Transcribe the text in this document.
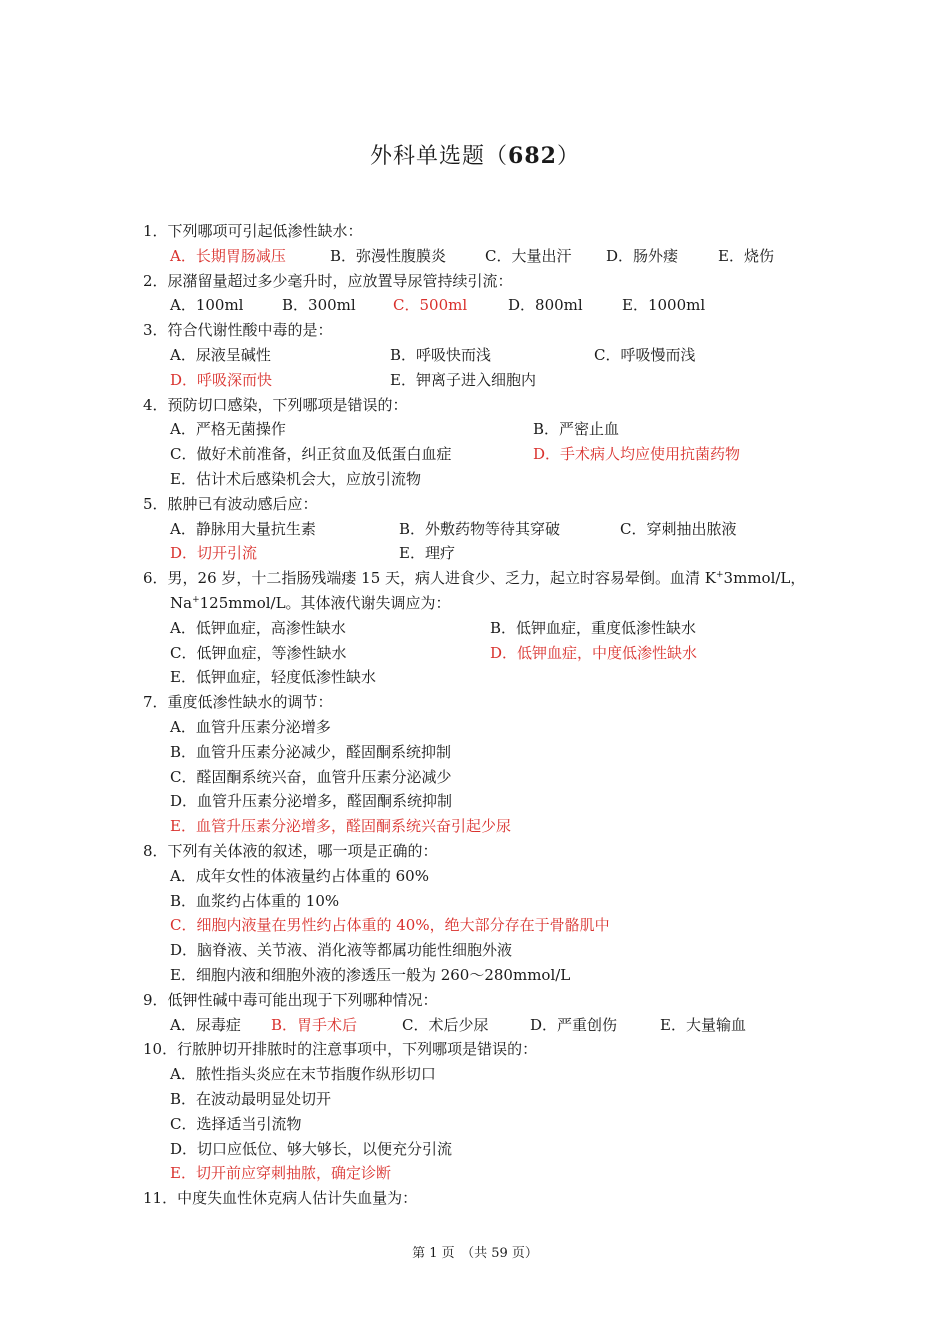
外科单选题（682）
1．下列哪项可引起低渗性缺水：
A．长期胃肠减压	B．弥漫性腹膜炎	C．大量出汗 D．肠外瘘	E．烧伤
2．尿潴留量超过多少毫升时，应放置导尿管持续引流：
A．100ml	B．300ml C．500ml	D．800ml	E．1000ml
3．符合代谢性酸中毒的是：
A．尿液呈碱性	B．呼吸快而浅	C．呼吸慢而浅
D．呼吸深而快	E．钾离子进入细胞内
4．预防切口感染，下列哪项是错误的：
A．严格无菌操作	B．严密止血
C．做好术前准备，纠正贫血及低蛋白血症	D．手术病人均应使用抗菌药物
E．估计术后感染机会大，应放引流物
5．脓肿已有波动感后应：
A．静脉用大量抗生素	B．外敷药物等待其穿破	C．穿刺抽出脓液
D．切开引流	E．理疗
6．男，26 岁，十二指肠残端瘘 15 天，病人进食少、乏力，起立时容易晕倒。血清 K+3mmol/L，
Na+125mmol/L。其体液代谢失调应为：
A．低钾血症，高渗性缺水	B．低钾血症，重度低渗性缺水
C．低钾血症，等渗性缺水	D．低钾血症，中度低渗性缺水
E．低钾血症，轻度低渗性缺水
7．重度低渗性缺水的调节：
A．血管升压素分泌增多
B．血管升压素分泌减少，醛固酮系统抑制
C．醛固酮系统兴奋，血管升压素分泌减少
D．血管升压素分泌增多，醛固酮系统抑制
E．血管升压素分泌增多，醛固酮系统兴奋引起少尿
8．下列有关体液的叙述，哪一项是正确的：
A．成年女性的体液量约占体重的 60%
B．血浆约占体重的 10%
C．细胞内液量在男性约占体重的 40%，绝大部分存在于骨骼肌中
D．脑脊液、关节液、消化液等都属功能性细胞外液
E．细胞内液和细胞外液的渗透压一般为 260～280mmol/L
9．低钾性碱中毒可能出现于下列哪种情况：
A．尿毒症 B．胃手术后	C．术后少尿	D．严重创伤	E．大量输血
10．行脓肿切开排脓时的注意事项中，下列哪项是错误的：
A．脓性指头炎应在末节指腹作纵形切口
B．在波动最明显处切开
C．选择适当引流物
D．切口应低位、够大够长，以便充分引流
E．切开前应穿刺抽脓，确定诊断
11．中度失血性休克病人估计失血量为：
第 1 页　（共 59 页）
